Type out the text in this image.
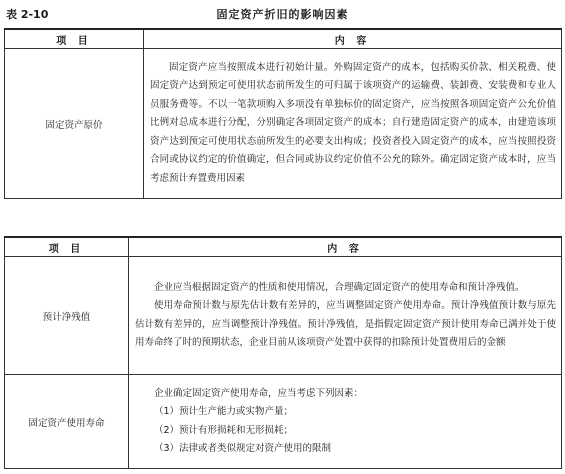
表 2-10	固定资产折旧的影响因素
项 目	内 容
固定资产原价	固定资产应当按照成本进行初始计量。外购固定资产的成本，包括购买价款、相关税费、使固定资产达到预定可使用状态前所发生的可归属于该项资产的运输费、装卸费、安装费和专业人员服务费等。不以一笔款项购入多项没有单独标价的固定资产，应当按照各项固定资产公允价值比例对总成本进行分配，分别确定各项固定资产的成本；自行建造固定资产的成本，由建造该项资产达到预定可使用状态前所发生的必要支出构成；投资者投入固定资产的成本，应当按照投资合同或协议约定的价值确定，但合同或协议约定价值不公允的除外。确定固定资产成本时，应当考虑预计弃置费用因素

项 目	内 容
预计净残值	企业应当根据固定资产的性质和使用情况，合理确定固定资产的使用寿命和预计净残值。

使用寿命预计数与原先估计数有差异的，应当调整固定资产使用寿命。预计净残值预计数与原先估计数有差异的，应当调整预计净残值。预计净残值，是指假定固定资产预计使用寿命已满并处于使用寿命终了时的预期状态，企业目前从该项资产处置中获得的扣除预计处置费用后的金额

固定资产使用寿命	企业确定固定资产使用寿命，应当考虑下列因素：

（1）预计生产能力或实物产量；

（2）预计有形损耗和无形损耗；

（3）法律或者类似规定对资产使用的限制
